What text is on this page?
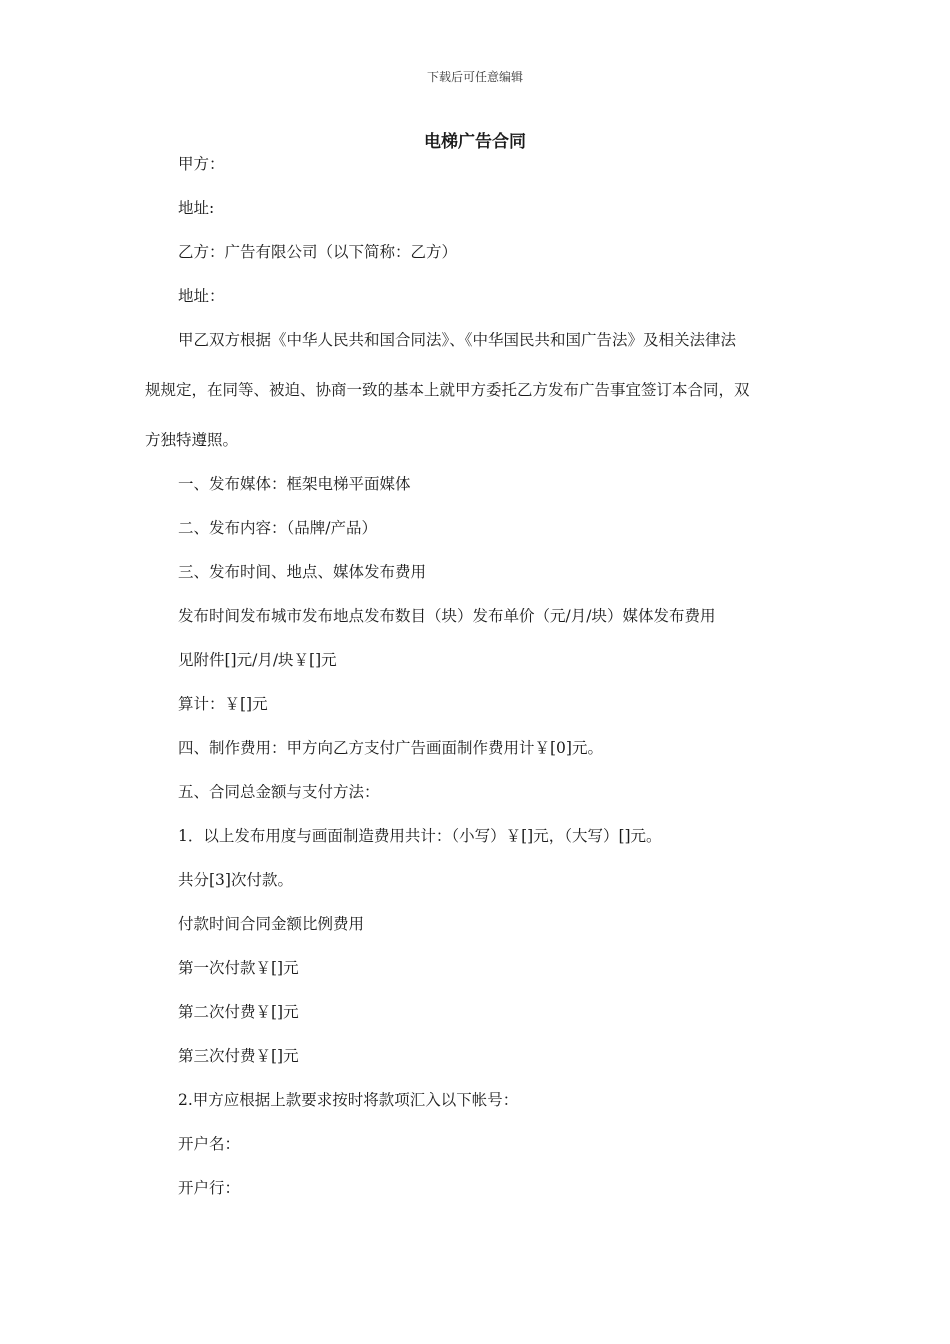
下载后可任意编辑
电梯广告合同
甲方：
地址:
乙方：广告有限公司（以下简称：乙方）
地址：
甲乙双方根据《中华人民共和国合同法》、《中华国民共和国广告法》及相关法律法
规规定，在同等、被迫、协商一致的基本上就甲方委托乙方发布广告事宜签订本合同，双
方独特遵照。
一、发布媒体：框架电梯平面媒体
二、发布内容：（品牌/产品）
三、发布时间、地点、媒体发布费用
发布时间发布城市发布地点发布数目（块）发布单价（元/月/块）媒体发布费用
见附件[]元/月/块￥[]元
算计：￥[]元
四、制作费用：甲方向乙方支付广告画面制作费用计￥[0]元。
五、合同总金额与支付方法：
1．以上发布用度与画面制造费用共计：（小写）￥[]元，（大写）[]元。
共分[3]次付款。
付款时间合同金额比例费用
第一次付款￥[]元
第二次付费￥[]元
第三次付费￥[]元
2.甲方应根据上款要求按时将款项汇入以下帐号：
开户名：
开户行：
